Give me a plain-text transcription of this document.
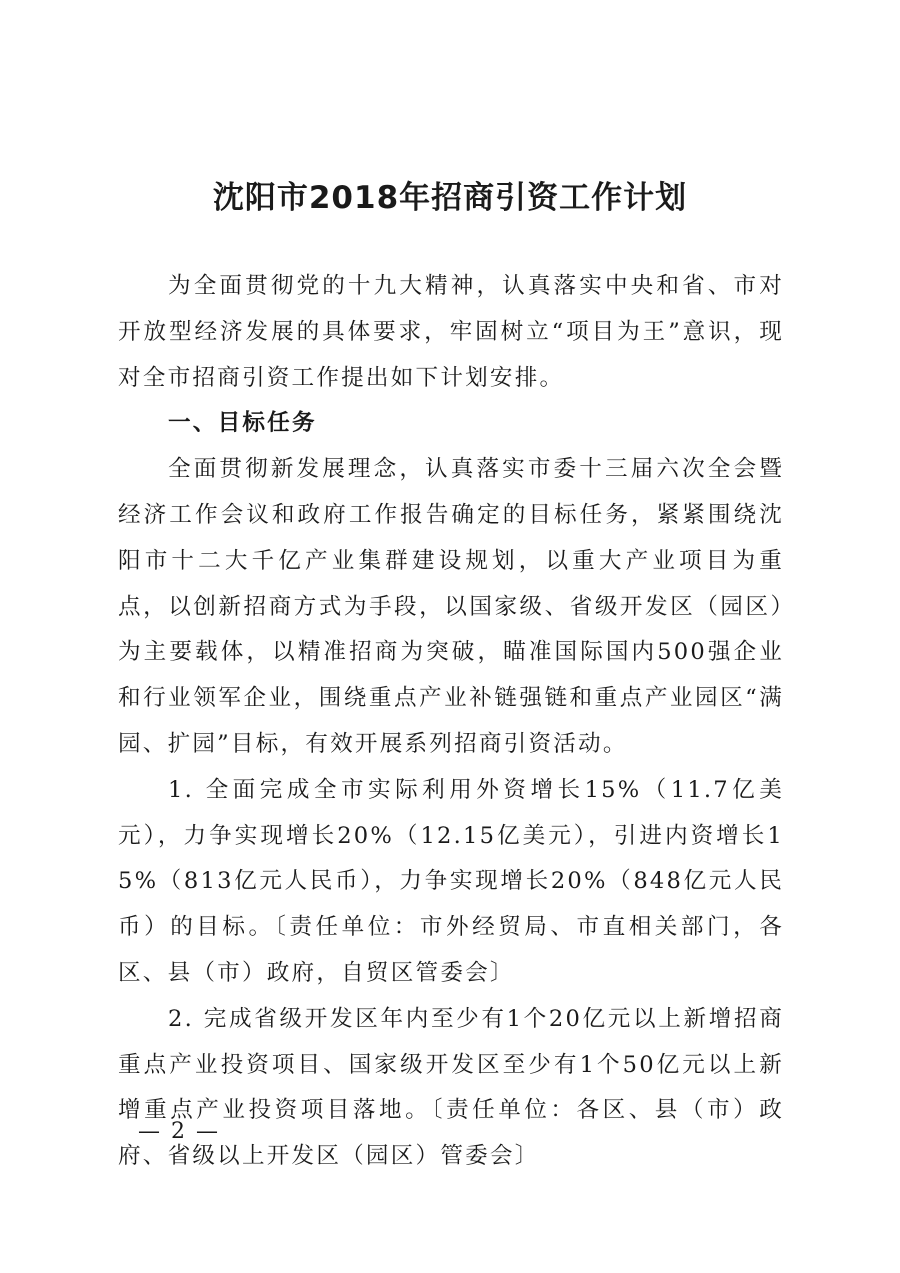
沈阳市2018年招商引资工作计划

为全面贯彻党的十九大精神，认真落实中央和省、市对开放型经济发展的具体要求，牢固树立“项目为王”意识，现对全市招商引资工作提出如下计划安排。

一、目标任务

全面贯彻新发展理念，认真落实市委十三届六次全会暨经济工作会议和政府工作报告确定的目标任务，紧紧围绕沈阳市十二大千亿产业集群建设规划，以重大产业项目为重点，以创新招商方式为手段，以国家级、省级开发区（园区）为主要载体，以精准招商为突破，瞄准国际国内500强企业和行业领军企业，围绕重点产业补链强链和重点产业园区“满园、扩园”目标，有效开展系列招商引资活动。

1. 全面完成全市实际利用外资增长15%（11.7亿美元），力争实现增长20%（12.15亿美元），引进内资增长15%（813亿元人民币），力争实现增长20%（848亿元人民币）的目标。〔责任单位：市外经贸局、市直相关部门，各区、县（市）政府，自贸区管委会〕

2. 完成省级开发区年内至少有1个20亿元以上新增招商重点产业投资项目、国家级开发区至少有1个50亿元以上新增重点产业投资项目落地。〔责任单位：各区、县（市）政府、省级以上开发区（园区）管委会〕

— 2 —
